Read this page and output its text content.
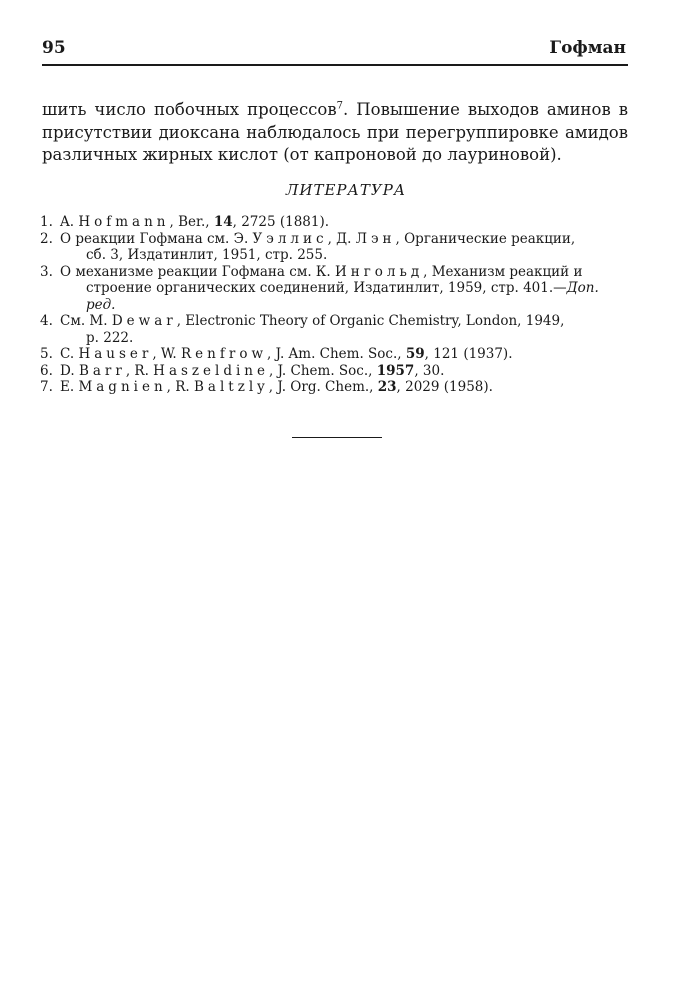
95	Гофман

шить число побочных процессов$^7$. Повышение выходов аминов в присутствии диоксана наблюдалось при перегруппировке амидов различных жирных кислот (от капроновой до лауриновой).

ЛИТЕРАТУРА
1. A. Hofmann, Ber., 14, 2725 (1881).
2. O реакции Гофмана см. Э. Уэллис, Д. Лэн, Органические реакции,
сб. 3, Издатинлит, 1951, стр. 255.
3. O механизме реакции Гофмана см. К. Ингольд, Механизм реакций и
строение органических соединений, Издатинлит, 1959, стр. 401.—Доп.
ред.
4. См. M. Dewar, Electronic Theory of Organic Chemistry, London, 1949,
p. 222.
5. C. Hauser, W. Renfrow, J. Am. Chem. Soc., 59, 121 (1937).
6. D. Barr, R. Haszeldine, J. Chem. Soc., 1957, 30.
7. E. Magnien, R. Baltzly, J. Org. Chem., 23, 2029 (1958).
